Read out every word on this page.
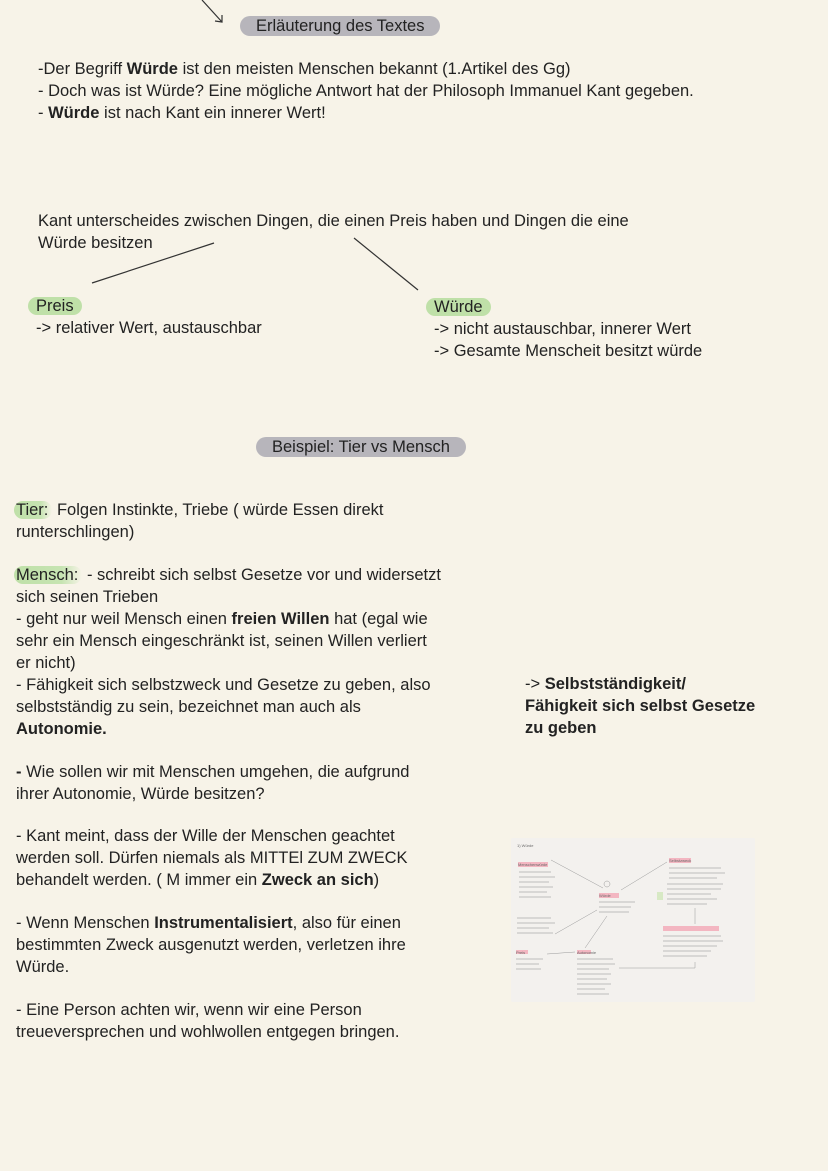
Erläuterung des Textes
-Der Begriff Würde ist den meisten Menschen bekannt (1.Artikel des Gg)
- Doch was ist Würde? Eine mögliche Antwort hat der Philosoph Immanuel Kant gegeben.
- Würde ist nach Kant ein innerer Wert!
Kant unterscheides zwischen Dingen, die einen Preis haben und Dingen die eine
Würde besitzen
Preis
-> relativer Wert, austauschbar
Würde
-> nicht austauschbar, innerer Wert
-> Gesamte Menscheit besitzt würde
Beispiel: Tier vs Mensch
Tier: Folgen Instinkte, Triebe ( würde Essen direkt
runterschlingen)
Mensch: - schreibt sich selbst Gesetze vor und widersetzt
sich seinen Trieben
- geht nur weil Mensch einen freien Willen hat (egal wie
sehr ein Mensch eingeschränkt ist, seinen Willen verliert
er nicht)
- Fähigkeit sich selbstzweck und Gesetze zu geben, also
selbstständig zu sein, bezeichnet man auch als
Autonomie.
-> Selbstständigkeit/
Fähigkeit sich selbst Gesetze
zu geben
- Wie sollen wir mit Menschen umgehen, die aufgrund
ihrer Autonomie, Würde besitzen?
- Kant meint, dass der Wille der Menschen geachtet
werden soll. Dürfen niemals als MITTEl ZUM ZWECK
behandelt werden. ( M immer ein Zweck an sich)
- Wenn Menschen Instrumentalisiert, also für einen
bestimmten Zweck ausgenutzt werden, verletzen ihre
Würde.
- Eine Person achten wir, wenn wir eine Person
treueversprechen und wohlwollen entgegen bringen.
1) Würde
Menschenwürde
Selbstzweck
Würde
Preis	Autonomie
